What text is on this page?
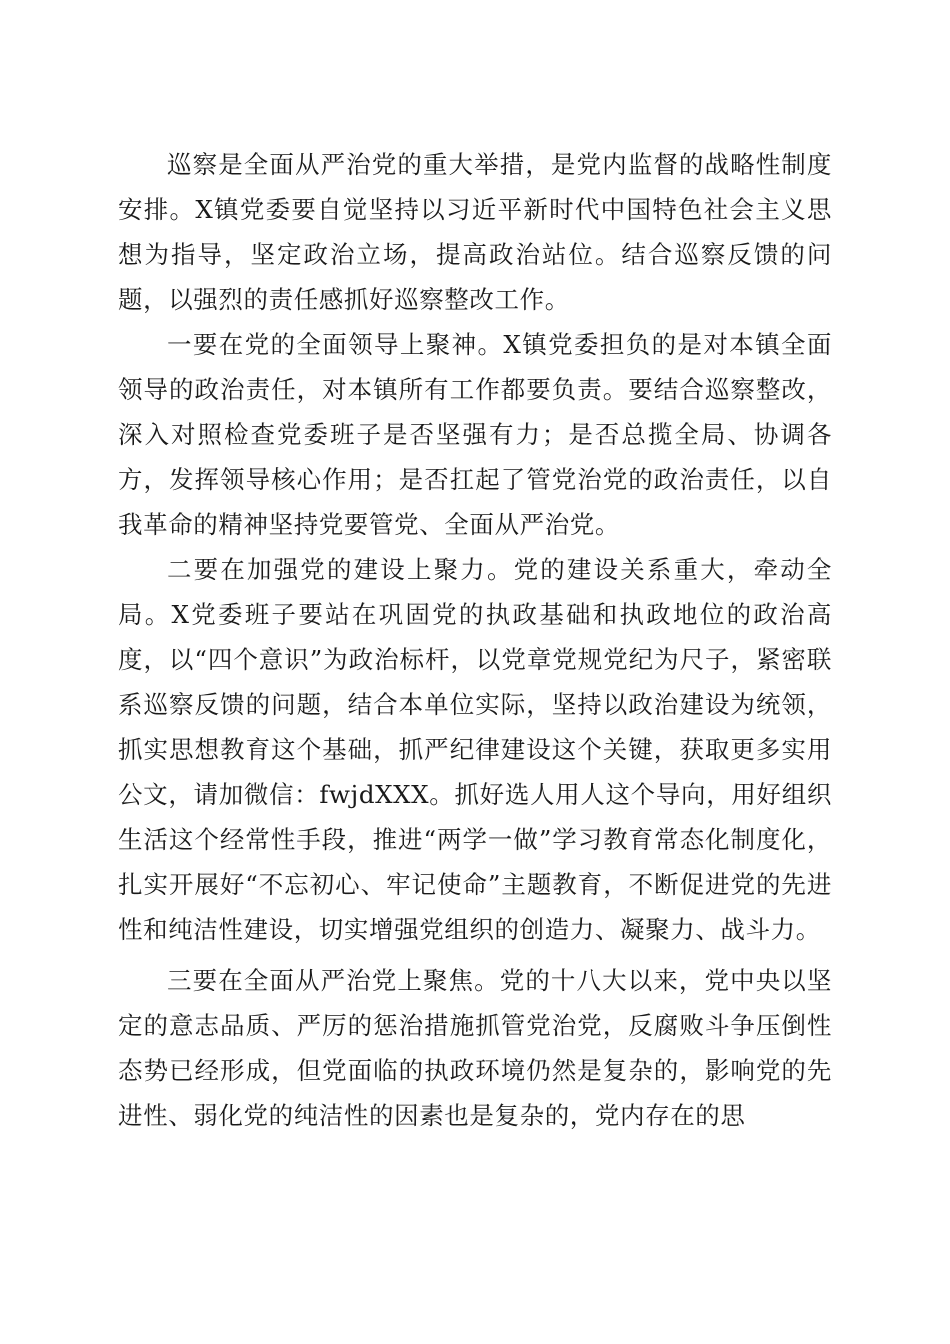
巡察是全面从严治党的重大举措，是党内监督的战略性制度安排。X镇党委要自觉坚持以习近平新时代中国特色社会主义思想为指导，坚定政治立场，提高政治站位。结合巡察反馈的问题，以强烈的责任感抓好巡察整改工作。

一要在党的全面领导上聚神。X镇党委担负的是对本镇全面领导的政治责任，对本镇所有工作都要负责。要结合巡察整改，深入对照检查党委班子是否坚强有力；是否总揽全局、协调各方，发挥领导核心作用；是否扛起了管党治党的政治责任，以自我革命的精神坚持党要管党、全面从严治党。

二要在加强党的建设上聚力。党的建设关系重大，牵动全局。X党委班子要站在巩固党的执政基础和执政地位的政治高度，以“四个意识”为政治标杆，以党章党规党纪为尺子，紧密联系巡察反馈的问题，结合本单位实际，坚持以政治建设为统领，抓实思想教育这个基础，抓严纪律建设这个关键，获取更多实用公文，请加微信：fwjdXXX。抓好选人用人这个导向，用好组织生活这个经常性手段，推进“两学一做”学习教育常态化制度化，扎实开展好“不忘初心、牢记使命”主题教育，不断促进党的先进性和纯洁性建设，切实增强党组织的创造力、凝聚力、战斗力。

三要在全面从严治党上聚焦。党的十八大以来，党中央以坚定的意志品质、严厉的惩治措施抓管党治党，反腐败斗争压倒性态势已经形成，但党面临的执政环境仍然是复杂的，影响党的先进性、弱化党的纯洁性的因素也是复杂的，党内存在的思
